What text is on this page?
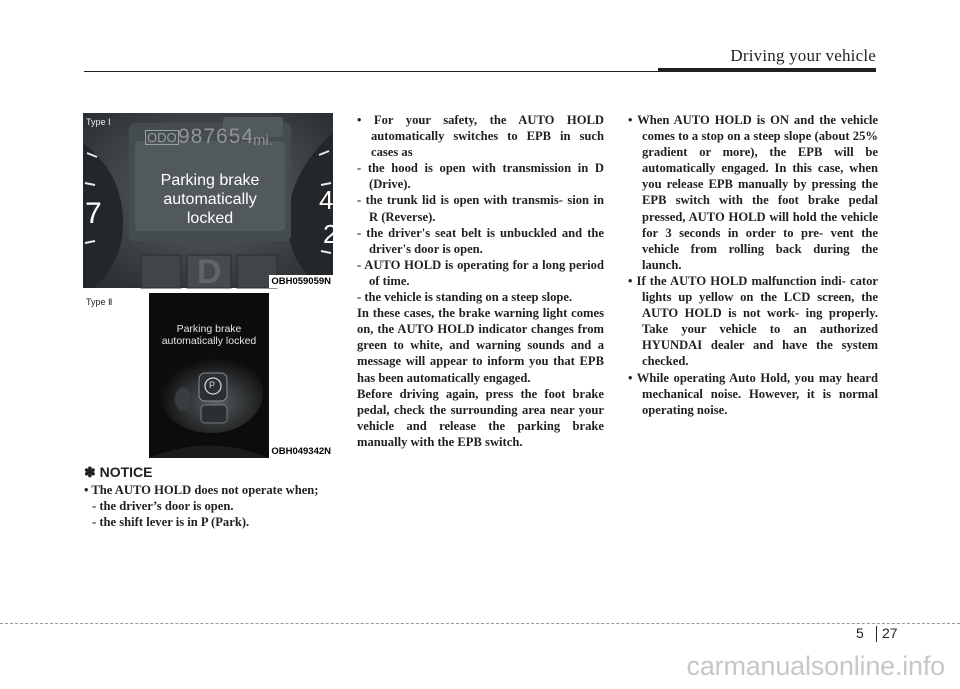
Driving your vehicle
Type Ⅰ
ODO 987654
mi.
Parking brake
automatically
locked
7	4
2
D	OBH059059N
Type Ⅱ
P
Parking brake
automatically locked
OBH049342N
✽ NOTICE
• The AUTO HOLD does not operate when;
- the driver’s door is open.
- the shift lever is in P (Park).
• For your safety, the AUTO HOLD automatically switches to EPB in such cases as
- the hood is open with transmission in D (Drive).
- the trunk lid is open with transmis- sion in R (Reverse).
- the driver's seat belt is unbuckled and the driver's door is open.
- AUTO HOLD is operating for a long period of time.
- the vehicle is standing on a steep slope.
In these cases, the brake warning light comes on, the AUTO HOLD indicator changes from green to white, and warning sounds and a message will appear to inform you that EPB has been automatically engaged.
Before driving again, press the foot brake pedal, check the surrounding area near your vehicle and release the parking brake manually with the EPB switch.
• When AUTO HOLD is ON and the vehicle comes to a stop on a steep slope (about 25% gradient or more), the EPB will be automatically engaged. In this case, when you release EPB manually by pressing the EPB switch with the foot brake pedal pressed, AUTO HOLD will hold the vehicle for 3 seconds in order to pre- vent the vehicle from rolling back during the launch.
• If the AUTO HOLD malfunction indi- cator lights up yellow on the LCD screen, the AUTO HOLD is not work- ing properly. Take your vehicle to an authorized HYUNDAI dealer and have the system checked.
• While operating Auto Hold, you may heard mechanical noise. However, it is normal operating noise.
5 27
carmanualsonline.info
